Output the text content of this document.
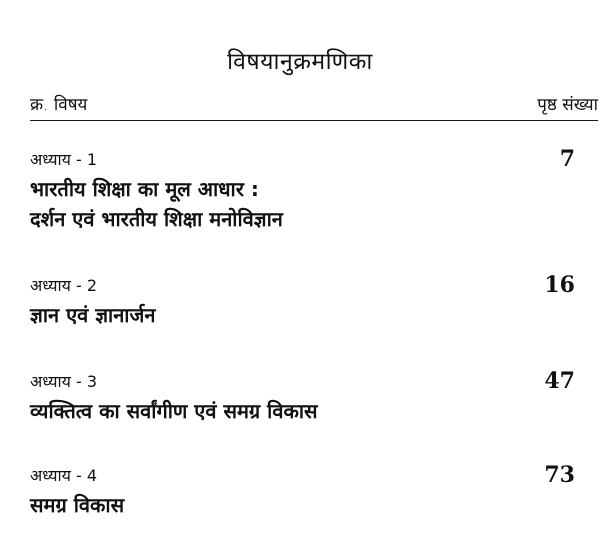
विषयानुक्रमणिका
क्र. विषय	पृष्ठ संख्या
अध्याय - 1	7
भारतीय शिक्षा का मूल आधार :
दर्शन एवं भारतीय शिक्षा मनोविज्ञान
अध्याय - 2	16
ज्ञान एवं ज्ञानार्जन
अध्याय - 3	47
व्यक्तित्व का सर्वांगीण एवं समग्र विकास
अध्याय - 4	73
समग्र विकास
